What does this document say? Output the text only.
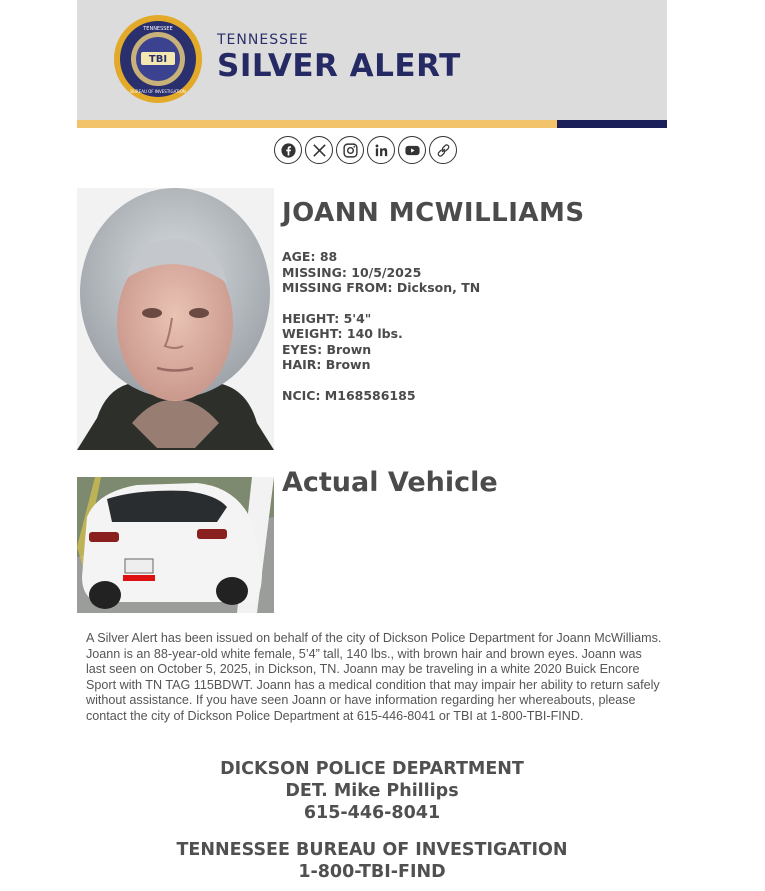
TBI
TENNESSEE
BUREAU OF INVESTIGATION
TENNESSEE
SILVER ALERT
JOANN MCWILLIAMS
AGE: 88
MISSING: 10/5/2025
MISSING FROM: Dickson, TN
HEIGHT: 5'4"
WEIGHT: 140 lbs.
EYES: Brown
HAIR: Brown
NCIC: M168586185
Actual Vehicle
A Silver Alert has been issued on behalf of the city of Dickson Police Department for Joann McWilliams. Joann is an 88-year-old white female, 5’4” tall, 140 lbs., with brown hair and brown eyes. Joann was last seen on October 5, 2025, in Dickson, TN. Joann may be traveling in a white 2020 Buick Encore Sport with TN TAG 115BDWT. Joann has a medical condition that may impair her ability to return safely without assistance. If you have seen Joann or have information regarding her whereabouts, please contact the city of Dickson Police Department at 615-446-8041 or TBI at 1-800-TBI-FIND.
DICKSON POLICE DEPARTMENT
DET. Mike Phillips
615-446-8041
TENNESSEE BUREAU OF INVESTIGATION
1-800-TBI-FIND
